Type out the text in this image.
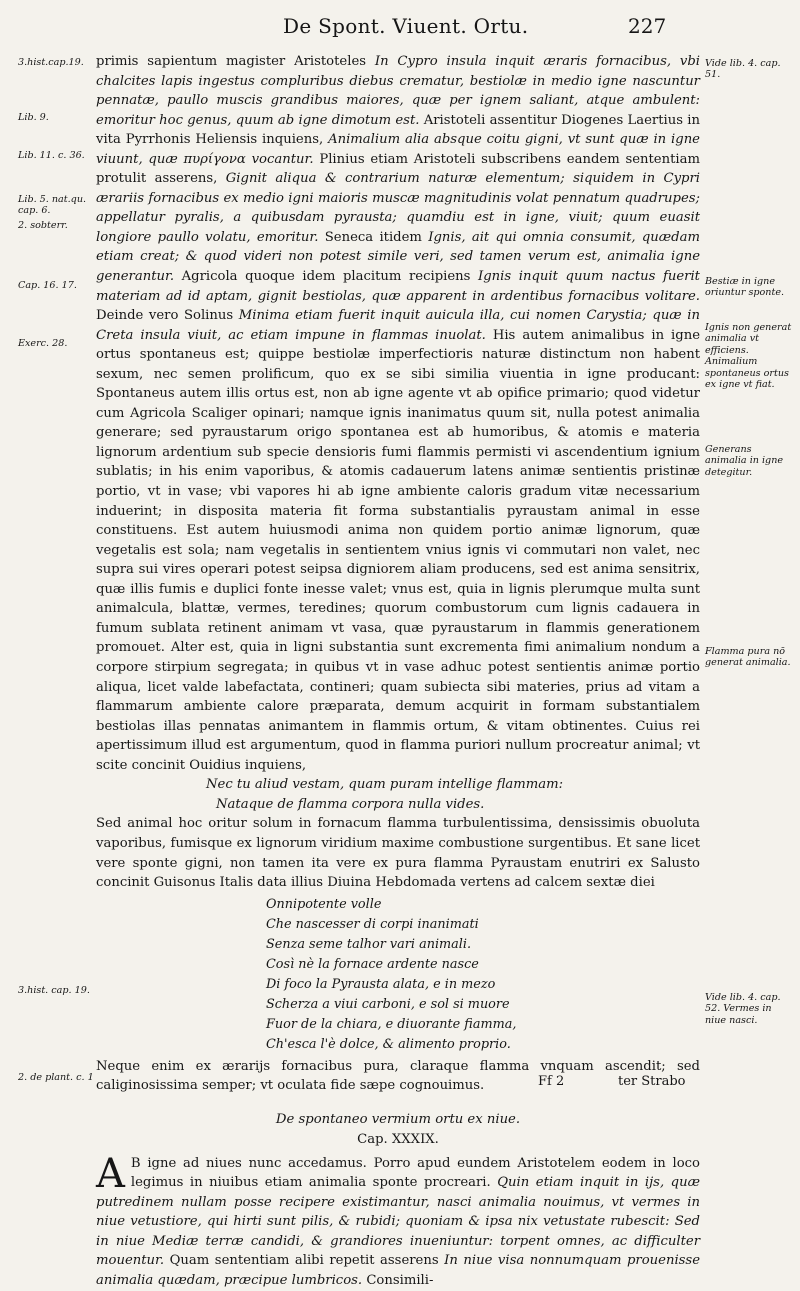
De Spont. Viuent. Ortu.	227

primis sapientum magister Aristoteles In Cypro insula inquit æraris fornacibus, vbi chalcites lapis ingestus compluribus diebus crematur, bestiolæ in medio igne nascuntur pennatæ, paullo muscis grandibus maiores, quæ per ignem saliant, atque ambulent: emoritur hoc genus, quum ab igne dimotum est. Aristoteli assentitur Diogenes Laertius in vita Pyrrhonis Heliensis inquiens, Animalium alia absque coitu gigni, vt sunt quæ in igne viuunt, quæ πυρίγονα vocantur. Plinius etiam Aristoteli subscribens eandem sententiam protulit asserens, Gignit aliqua & contrarium naturæ elementum; siquidem in Cypri ærariis fornacibus ex medio igni maioris muscæ magnitudinis volat pennatum quadrupes; appellatur pyralis, a quibusdam pyrausta; quamdiu est in igne, viuit; quum euasit longiore paullo volatu, emoritur. Seneca itidem Ignis, ait qui omnia consumit, quædam etiam creat; & quod videri non potest simile veri, sed tamen verum est, animalia igne generantur. Agricola quoque idem placitum recipiens Ignis inquit quum nactus fuerit materiam ad id aptam, gignit bestiolas, quæ apparent in ardentibus fornacibus volitare. Deinde vero Solinus Minima etiam fuerit inquit auicula illa, cui nomen Carystia; quæ in Creta insula viuit, ac etiam impune in flammas inuolat. His autem animalibus in igne ortus spontaneus est; quippe bestiolæ imperfectioris naturæ distinctum non habent sexum, nec semen prolificum, quo ex se sibi similia viuentia in igne producant: Spontaneus autem illis ortus est, non ab igne agente vt ab opifice primario; quod videtur cum Agricola Scaliger opinari; namque ignis inanimatus quum sit, nulla potest animalia generare; sed pyraustarum origo spontanea est ab humoribus, & atomis e materia lignorum ardentium sub specie densioris fumi flammis permisti vi ascendentium ignium sublatis; in his enim vaporibus, & atomis cadauerum latens animæ sentientis pristinæ portio, vt in vase; vbi vapores hi ab igne ambiente caloris gradum vitæ necessarium induerint; in disposita materia fit forma substantialis pyraustam animal in esse constituens. Est autem huiusmodi anima non quidem portio animæ lignorum, quæ vegetalis est sola; nam vegetalis in sentientem vnius ignis vi commutari non valet, nec supra sui vires operari potest seipsa digniorem aliam producens, sed est anima sensitrix, quæ illis fumis e duplici fonte inesse valet; vnus est, quia in lignis plerumque multa sunt animalcula, blattæ, vermes, teredines; quorum combustorum cum lignis cadauera in fumum sublata retinent animam vt vasa, quæ pyraustarum in flammis generationem promouet. Alter est, quia in ligni substantia sunt excrementa fimi animalium nondum a corpore stirpium segregata; in quibus vt in vase adhuc potest sentientis animæ portio aliqua, licet valde labefactata, contineri; quam subiecta sibi materies, prius ad vitam a flammarum ambiente calore præparata, demum acquirit in formam substantialem bestiolas illas pennatas animantem in flammis ortum, & vitam obtinentes. Cuius rei apertissimum illud est argumentum, quod in flamma puriori nullum procreatur animal; vt scite concinit Ouidius inquiens,

Nec tu aliud vestam, quam puram intellige flammam:
Nataque de flamma corpora nulla vides.

Sed animal hoc oritur solum in fornacum flamma turbulentissima, densissimis obuoluta vaporibus, fumisque ex lignorum viridium maxime combustione surgentibus. Et sane licet vere sponte gigni, non tamen ita vere ex pura flamma Pyraustam enutriri ex Salusto concinit Guisonus Italis data illius Diuina Hebdomada vertens ad calcem sextæ diei

Onnipotente volle
Che nascesser di corpi inanimati
Senza seme talhor vari animali.
Così nè la fornace ardente nasce
Di foco la Pyrausta alata, e in mezo
Scherza a viui carboni, e sol si muore
Fuor de la chiara, e diuorante fiamma,
Ch'esca l'è dolce, & alimento proprio.

Neque enim ex ærarijs fornacibus pura, claraque flamma vnquam ascendit; sed caliginosissima semper; vt oculata fide sæpe cognouimus.

De spontaneo vermium ortu ex niue.
Cap. XXXIX.

A B igne ad niues nunc accedamus. Porro apud eundem Aristotelem eodem in loco legimus in niuibus etiam animalia sponte procreari. Quin etiam inquit in ijs, quæ putredinem nullam posse recipere existimantur, nasci animalia nouimus, vt vermes in niue vetustiore, qui hirti sunt pilis, & rubidi; quoniam & ipsa nix vetustate rubescit: Sed in niue Mediæ terræ candidi, & grandiores inueniuntur: torpent omnes, ac difficulter mouentur. Quam sententiam alibi repetit asserens In niue visa nonnumquam prouenisse animalia quædam, præcipue lumbricos. Consimili-

3.hist.cap.19.
Lib. 9.
Lib. 11. c. 36.
Lib. 5. nat.qu. cap. 6.
2. sobterr.
Cap. 16. 17.
Exerc. 28.
3.hist. cap. 19.
2. de plant. c. 1
Vide lib. 4. cap. 51.
Bestiæ in igne oriuntur sponte.
Ignis non generat animalia vt efficiens. Animalium spontaneus ortus ex igne vt fiat.
Generans animalia in igne detegitur.
Flamma pura nō generat animalia.
Vide lib. 4. cap. 52. Vermes in niue nasci.
Ff 2	ter Strabo
